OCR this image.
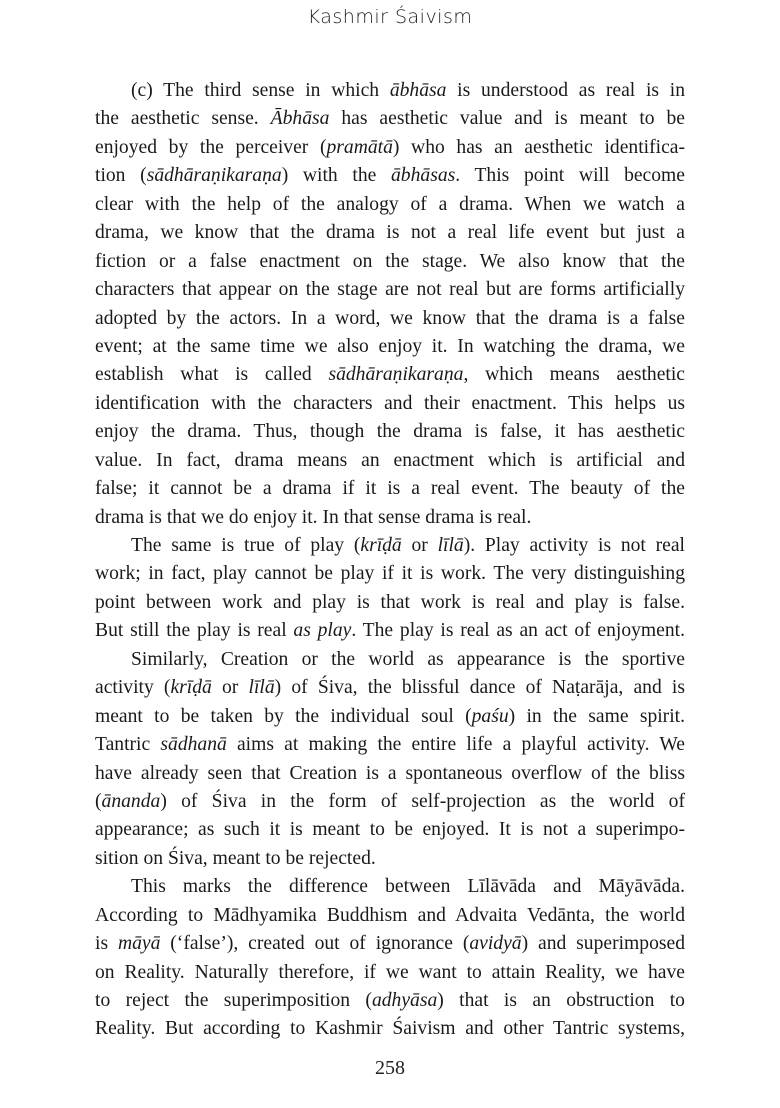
Kashmir Śaivism
(c) The third sense in which ābhāsa is understood as real is in
the aesthetic sense. Ābhāsa has aesthetic value and is meant to be
enjoyed by the perceiver (pramātā) who has an aesthetic identifica-
tion (sādhāraṇikaraṇa) with the ābhāsas. This point will become
clear with the help of the analogy of a drama. When we watch a
drama, we know that the drama is not a real life event but just a
fiction or a false enactment on the stage. We also know that the
characters that appear on the stage are not real but are forms artificially
adopted by the actors. In a word, we know that the drama is a false
event; at the same time we also enjoy it. In watching the drama, we
establish what is called sādhāraṇikaraṇa, which means aesthetic
identification with the characters and their enactment. This helps us
enjoy the drama. Thus, though the drama is false, it has aesthetic
value. In fact, drama means an enactment which is artificial and
false; it cannot be a drama if it is a real event. The beauty of the
drama is that we do enjoy it. In that sense drama is real.
The same is true of play (krīḍā or līlā). Play activity is not real
work; in fact, play cannot be play if it is work. The very distinguishing
point between work and play is that work is real and play is false.
But still the play is real as play. The play is real as an act of enjoyment.
Similarly, Creation or the world as appearance is the sportive
activity (krīḍā or līlā) of Śiva, the blissful dance of Naṭarāja, and is
meant to be taken by the individual soul (paśu) in the same spirit.
Tantric sādhanā aims at making the entire life a playful activity. We
have already seen that Creation is a spontaneous overflow of the bliss
(ānanda) of Śiva in the form of self-projection as the world of
appearance; as such it is meant to be enjoyed. It is not a superimpo-
sition on Śiva, meant to be rejected.
This marks the difference between Līlāvāda and Māyāvāda.
According to Mādhyamika Buddhism and Advaita Vedānta, the world
is māyā (‘false’), created out of ignorance (avidyā) and superimposed
on Reality. Naturally therefore, if we want to attain Reality, we have
to reject the superimposition (adhyāsa) that is an obstruction to
Reality. But according to Kashmir Śaivism and other Tantric systems,
258
